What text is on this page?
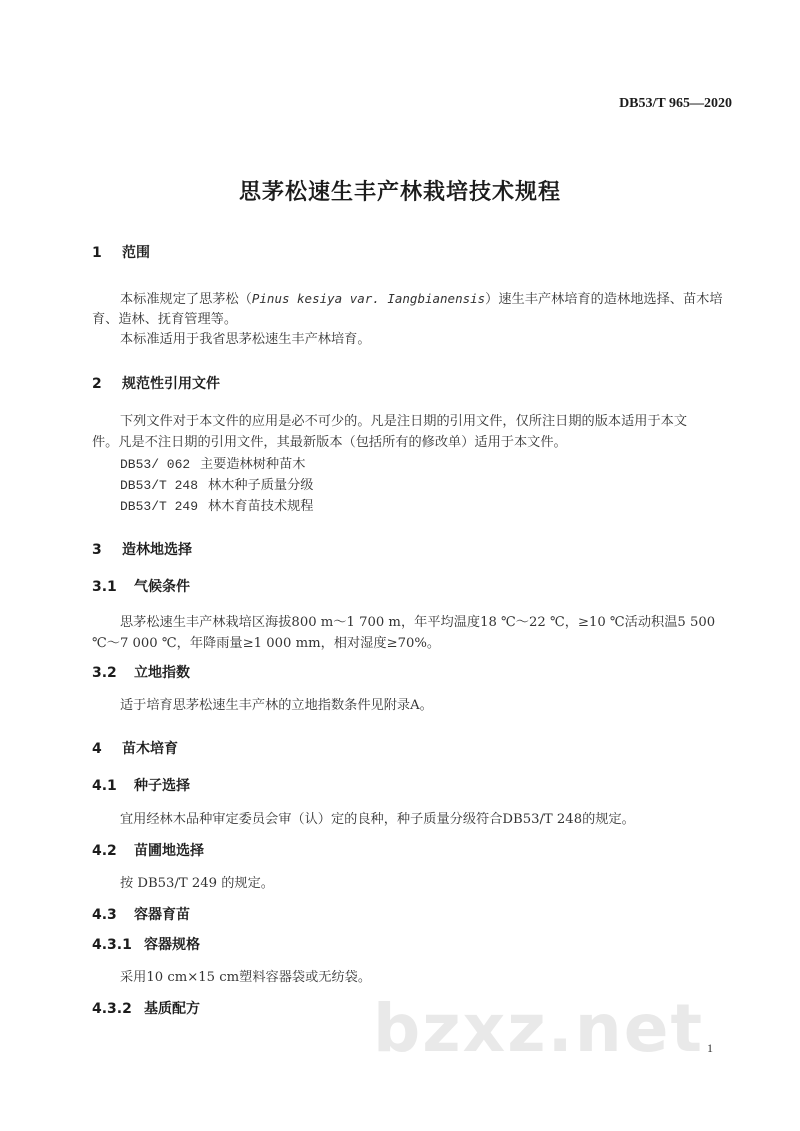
DB53/T 965—2020
思茅松速生丰产林栽培技术规程
1 范围
本标准规定了思茅松（Pinus kesiya var. Iangbianensis）速生丰产林培育的造林地选择、苗木培
育、造林、抚育管理等。
本标准适用于我省思茅松速生丰产林培育。
2 规范性引用文件
下列文件对于本文件的应用是必不可少的。凡是注日期的引用文件，仅所注日期的版本适用于本文
件。凡是不注日期的引用文件，其最新版本（包括所有的修改单）适用于本文件。
DB53/ 062 主要造林树种苗木
DB53/T 248 林木种子质量分级
DB53/T 249 林木育苗技术规程
3 造林地选择
3.1 气候条件
思茅松速生丰产林栽培区海拔800 m～1 700 m，年平均温度18 ℃～22 ℃，≥10 ℃活动积温5 500
℃～7 000 ℃，年降雨量≥1 000 mm，相对湿度≥70%。
3.2 立地指数
适于培育思茅松速生丰产林的立地指数条件见附录A。
4 苗木培育
4.1 种子选择
宜用经林木品种审定委员会审（认）定的良种，种子质量分级符合DB53/T 248的规定。
4.2 苗圃地选择
按 DB53/T 249 的规定。
4.3 容器育苗
4.3.1 容器规格
采用10 cm×15 cm塑料容器袋或无纺袋。
4.3.2 基质配方	bzxz.net 1
